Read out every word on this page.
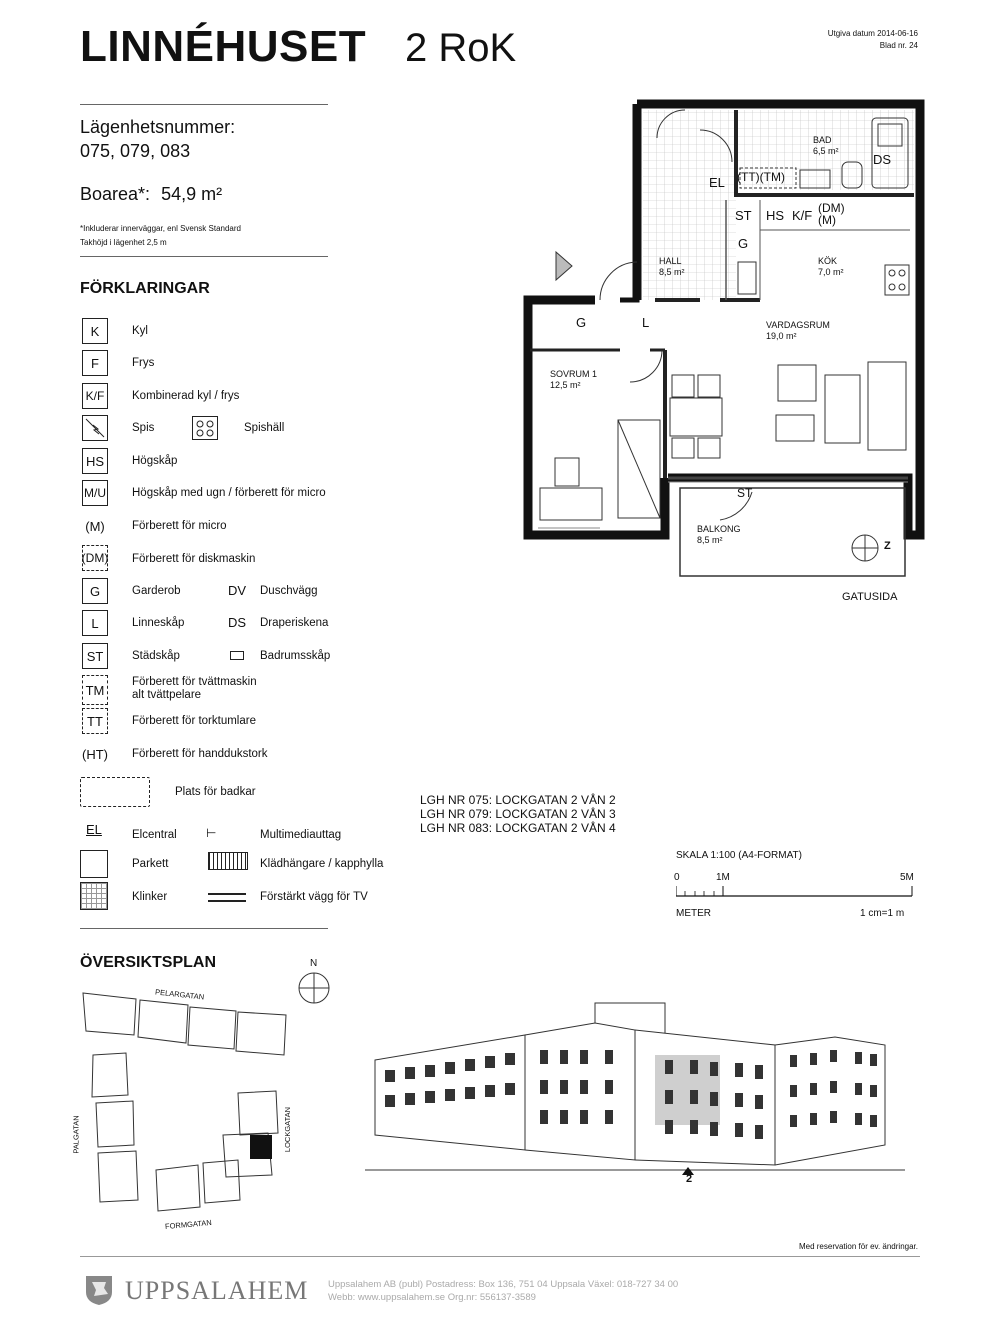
LINNÉHUSET 2 RoK	Utgiva datum 2014-06-16
Blad nr. 24
Lägenhetsnummer:
075, 079, 083
Boarea*: 54,9 m²
*Inkluderar innerväggar, enl Svensk Standard
Takhöjd i lägenhet 2,5 m
FÖRKLARINGAR
K	Kyl
F	Frys
K/F	Kombinerad kyl / frys
Spis	Spishäll
HS	Högskåp
M/U Högskåp med ugn / förberett för micro
(M) Förberett för micro
(DM) Förberett för diskmaskin
G	Garderob	DV Duschvägg
L	Linneskåp	DS Draperiskena
ST	Städskåp	Badrumsskåp
TM
Förberett för tvättmaskin
alt tvättpelare
TT	Förberett för torktumlare
(HT) Förberett för handdukstork
Plats för badkar
EL	Elcentral ⊢	Multimediauttag
Parkett	Klädhängare / kapphylla
Klinker	Förstärkt vägg för TV
BAD
6,5 m²
HALL
8,5 m²
KÖK
7,0 m²
VARDAGSRUM
19,0 m²
SOVRUM 1
12,5 m²
BALKONG
8,5 m²
DS
EL (TT)(TM)
ST
G
HS K/F (DM)
(M)
G	L
ST
Z
GATUSIDA
LGH NR 075: LOCKGATAN 2 VÅN 2
LGH NR 079: LOCKGATAN 2 VÅN 3
LGH NR 083: LOCKGATAN 2 VÅN 4
SKALA 1:100 (A4-FORMAT)
0	1M	5M
METER	1 cm=1 m
ÖVERSIKTSPLAN	N
PELARGATAN
PALGATAN	LOCKGATAN
FORMGATAN
2
Med reservation för ev. ändringar.
UPPSALAHEM Uppsalahem AB (publ) Postadress: Box 136, 751 04 Uppsala Växel: 018-727 34 00
Webb: www.uppsalahem.se Org.nr: 556137-3589
